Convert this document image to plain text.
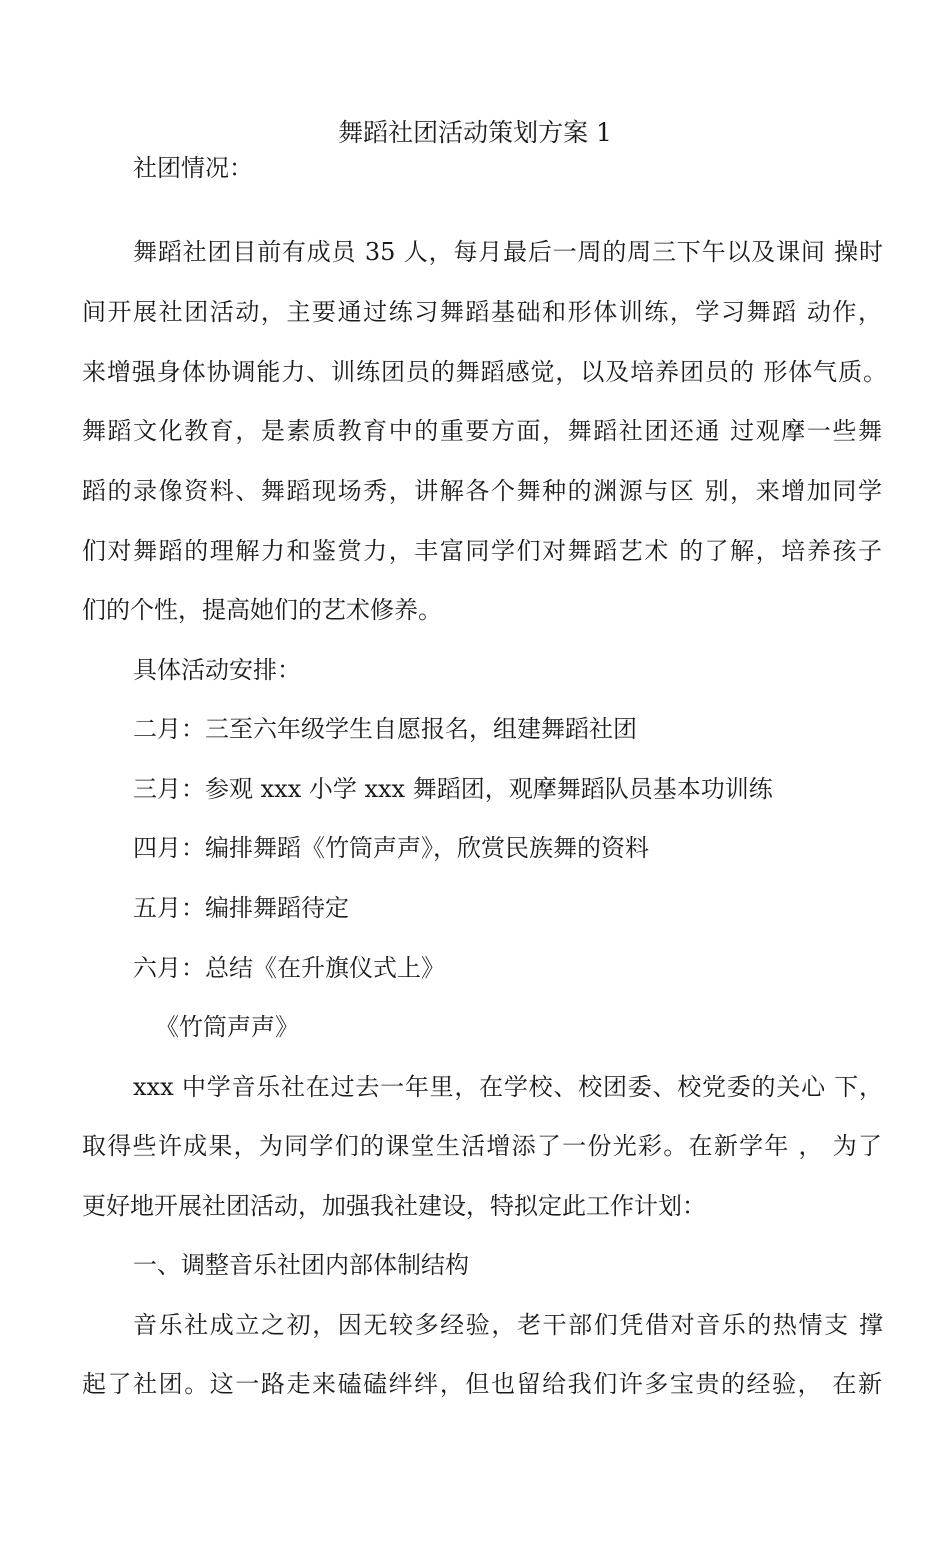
舞蹈社团活动策划方案 1
社团情况：
舞蹈社团目前有成员 35 人，每月最后一周的周三下午以及课间 操时
间开展社团活动，主要通过练习舞蹈基础和形体训练，学习舞蹈 动作，
来增强身体协调能力、训练团员的舞蹈感觉，以及培养团员的 形体气质。
舞蹈文化教育，是素质教育中的重要方面，舞蹈社团还通 过观摩一些舞
蹈的录像资料、舞蹈现场秀，讲解各个舞种的渊源与区 别，来增加同学
们对舞蹈的理解力和鉴赏力，丰富同学们对舞蹈艺术 的了解，培养孩子
们的个性，提高她们的艺术修养。
具体活动安排：
二月：三至六年级学生自愿报名，组建舞蹈社团
三月：参观 xxx 小学 xxx 舞蹈团，观摩舞蹈队员基本功训练
四月：编排舞蹈《竹筒声声》，欣赏民族舞的资料
五月：编排舞蹈待定
六月：总结《在升旗仪式上》
《竹筒声声》
xxx 中学音乐社在过去一年里，在学校、校团委、校党委的关心 下，
取得些许成果，为同学们的课堂生活增添了一份光彩。在新学年 ， 为了
更好地开展社团活动，加强我社建设，特拟定此工作计划：
一、调整音乐社团内部体制结构
音乐社成立之初，因无较多经验，老干部们凭借对音乐的热情支 撑
起了社团。这一路走来磕磕绊绊，但也留给我们许多宝贵的经验， 在新
